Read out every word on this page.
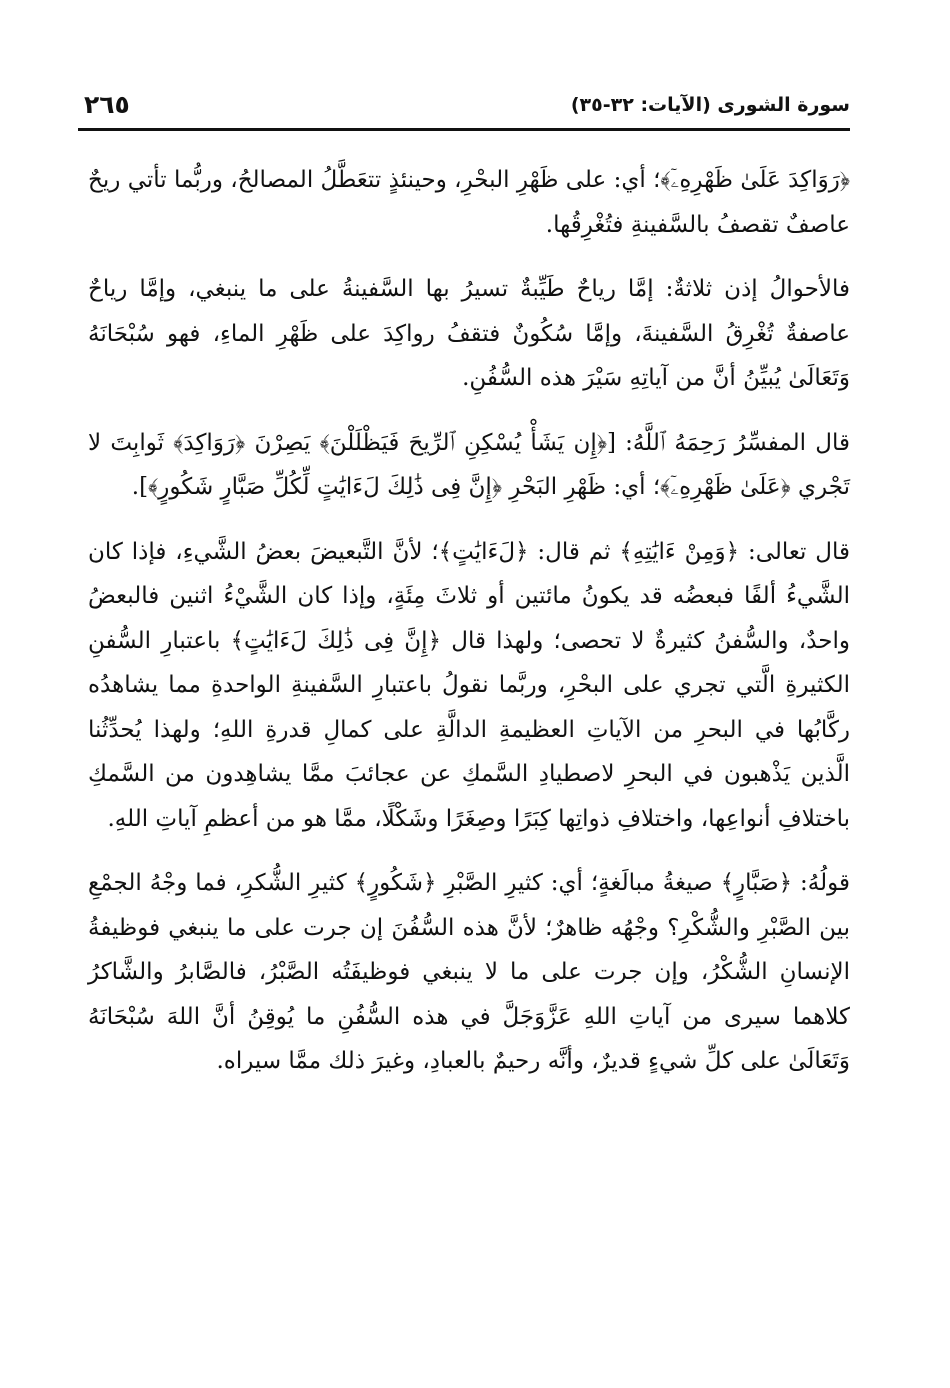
سورة الشورى (الآيات: ٣٢-٣٥)
٢٦٥

﴿رَوَاكِدَ عَلَىٰ ظَهْرِهِۦٓ﴾؛ أي: على ظَهْرِ البحْرِ، وحينئذٍ تتعَطَّلُ المصالحُ، وربُّما تأتي ريحٌ عاصفٌ تقصفُ بالسَّفينةِ فتُغْرِقُها.

فالأحوالُ إذن ثلاثةٌ: إمَّا رياحٌ طَيِّبةٌ تسيرُ بها السَّفينةُ على ما ينبغي، وإمَّا رياحٌ عاصفةٌ تُغْرِقُ السَّفينةَ، وإمَّا سُكُونٌ فتقفُ رواكِدَ على ظَهْرِ الماءِ، فهو سُبْحَانَهُ وَتَعَالَىٰ يُبيِّنُ أنَّ من آياتِهِ سَيْرَ هذه السُّفُنِ.

قال المفسِّرُ رَحِمَهُ ٱللَّهُ: [﴿إِن يَشَأْ يُسْكِنِ ٱلرِّيحَ فَيَظْلَلْنَ﴾ يَصِرْنَ ﴿رَوَاكِدَ﴾ ثَوابِتَ لا تَجْري ﴿عَلَىٰ ظَهْرِهِۦٓ﴾؛ أي: ظَهْرِ البَحْرِ ﴿إِنَّ فِى ذَٰلِكَ لَءَايَٰتٍ لِّكُلِّ صَبَّارٍ شَكُورٍ﴾].

قال تعالى: ﴿وَمِنْ ءَايَٰتِهِ﴾ ثم قال: ﴿لَءَايَٰتٍ﴾؛ لأنَّ التَّبعيضَ بعضُ الشَّيءِ، فإذا كان الشَّيءُ ألفًا فبعضُه قد يكونُ مائتين أو ثلاثَ مِئَةٍ، وإذا كان الشَّيْءُ اثنين فالبعضُ واحدٌ، والسُّفنُ كثيرةٌ لا تحصى؛ ولهذا قال ﴿إِنَّ فِى ذَٰلِكَ لَءَايَٰتٍ﴾ باعتبارِ السُّفنِ الكثيرةِ الَّتي تجري على البحْرِ، وربَّما نقولُ باعتبارِ السَّفينةِ الواحدةِ مما يشاهدُه ركَّابُها في البحرِ من الآياتِ العظيمةِ الدالَّةِ على كمالِ قدرةِ اللهِ؛ ولهذا يُحدِّثُنا الَّذين يَذْهبون في البحرِ لاصطيادِ السَّمكِ عن عجائبَ ممَّا يشاهِدون من السَّمكِ باختلافِ أنواعِها، واختلافِ ذواتِها كِبَرًا وصِغَرًا وشَكْلًا، ممَّا هو من أعظمِ آياتِ اللهِ.

قولُهُ: ﴿صَبَّارٍ﴾ صيغةُ مبالَغةٍ؛ أي: كثيرِ الصَّبْرِ ﴿شَكُورٍ﴾ كثيرِ الشُّكرِ، فما وجْهُ الجمْعِ بين الصَّبْرِ والشُّكْرِ؟ وجْهُه ظاهرٌ؛ لأنَّ هذه السُّفُنَ إن جرت على ما ينبغي فوظيفةُ الإنسانِ الشُّكْرُ، وإن جرت على ما لا ينبغي فوظيفَتُه الصَّبْرُ، فالصَّابرُ والشَّاكرُ كلاهما سيرى من آياتِ اللهِ عَزَّوَجَلَّ في هذه السُّفُنِ ما يُوقِنُ أنَّ اللهَ سُبْحَانَهُ وَتَعَالَىٰ على كلِّ شيءٍ قديرٌ، وأنَّه رحيمٌ بالعبادِ، وغيرَ ذلك ممَّا سيراه.
